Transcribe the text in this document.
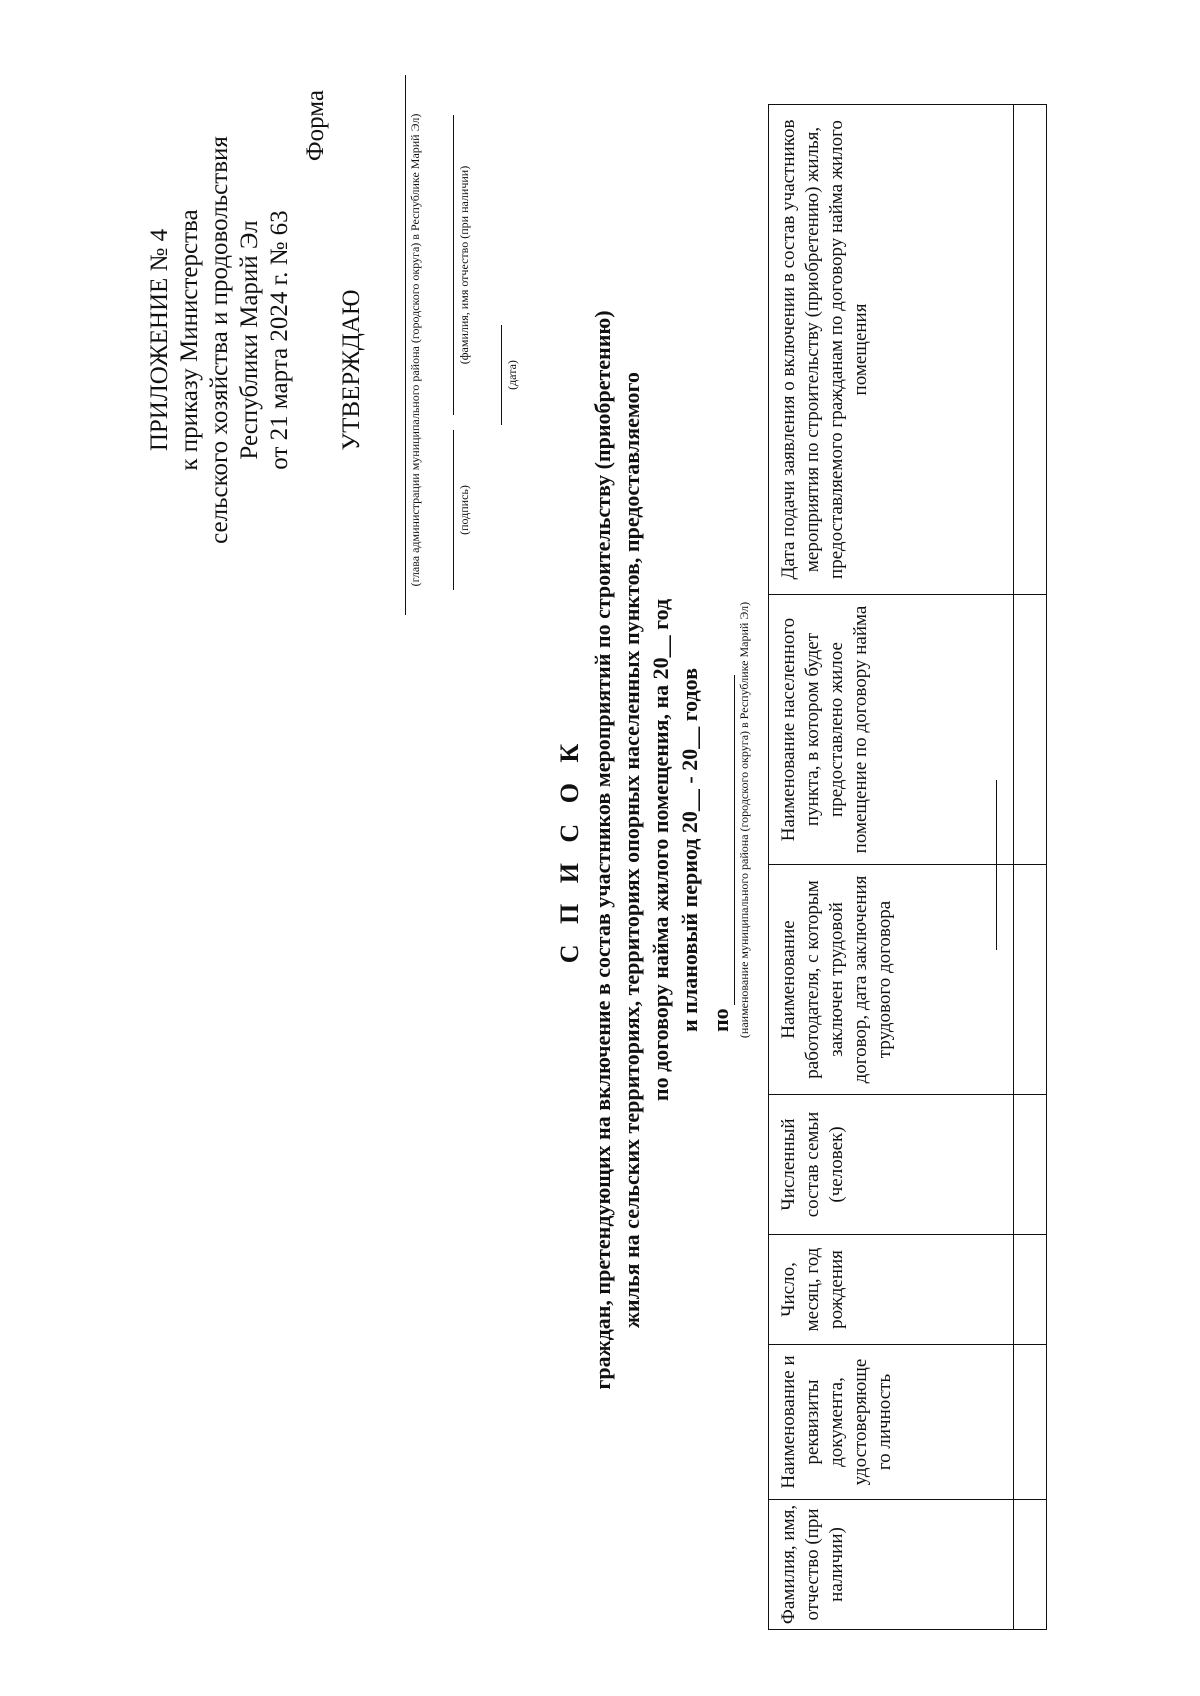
ПРИЛОЖЕНИЕ № 4 к приказу Министерства сельского хозяйства и продовольствия Республики Марий Эл от 21 марта 2024 г. № 63
Форма
УТВЕРЖДАЮ	(глава администрации муниципального района (городского округа) в Республике Марий Эл)	(подпись)
(фамилия, имя отчество (при наличии)
(дата)
С П И С О К граждан, претендующих на включение в состав участников мероприятий по строительству (приобретению) жилья на сельских территориях, территориях опорных населенных пунктов, предоставляемого по договору найма жилого помещения, на 20__ год и плановый период 20__ - 20__ годов по (наименование муниципального района (городского округа) в Республике Марий Эл)
Фамилия, имя, отчество (при наличии)	Наименование и реквизиты документа, удостоверяюще го личность	Число, месяц, год рождения	Численный состав семьи (человек)	Наименование работодателя, с которым заключен трудовой договор, дата заключения трудового договора	Наименование населенного пункта, в котором будет предоставлено жилое помещение по договору найма	Дата подачи заявления о включении в состав участников мероприятия по строительству (приобретению) жилья, предоставляемого гражданам по договору найма жилого помещения
